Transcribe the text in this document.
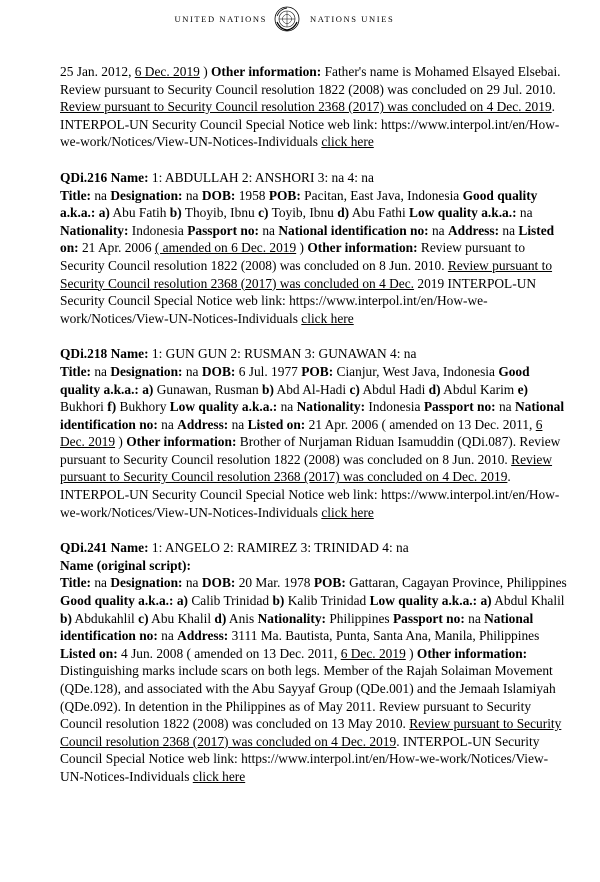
UNITED NATIONS	NATIONS UNIES

25 Jan. 2012, 6 Dec. 2019 ) Other information: Father's name is Mohamed Elsayed Elsebai. Review pursuant to Security Council resolution 1822 (2008) was concluded on 29 Jul. 2010. Review pursuant to Security Council resolution 2368 (2017) was concluded on 4 Dec. 2019. INTERPOL-UN Security Council Special Notice web link: https://www.interpol.int/en/How-we-work/Notices/View-UN-Notices-Individuals click here

QDi.216 Name: 1: ABDULLAH 2: ANSHORI 3: na 4: na
Title: na Designation: na DOB: 1958 POB: Pacitan, East Java, Indonesia Good quality a.k.a.: a) Abu Fatih b) Thoyib, Ibnu c) Toyib, Ibnu d) Abu Fathi Low quality a.k.a.: na Nationality: Indonesia Passport no: na National identification no: na Address: na Listed on: 21 Apr. 2006 ( amended on 6 Dec. 2019 ) Other information: Review pursuant to Security Council resolution 1822 (2008) was concluded on 8 Jun. 2010. Review pursuant to Security Council resolution 2368 (2017) was concluded on 4 Dec. 2019 INTERPOL-UN Security Council Special Notice web link: https://www.interpol.int/en/How-we-work/Notices/View-UN-Notices-Individuals click here

QDi.218 Name: 1: GUN GUN 2: RUSMAN 3: GUNAWAN 4: na
Title: na Designation: na DOB: 6 Jul. 1977 POB: Cianjur, West Java, Indonesia Good quality a.k.a.: a) Gunawan, Rusman b) Abd Al-Hadi c) Abdul Hadi d) Abdul Karim e) Bukhori f) Bukhory Low quality a.k.a.: na Nationality: Indonesia Passport no: na National identification no: na Address: na Listed on: 21 Apr. 2006 ( amended on 13 Dec. 2011, 6 Dec. 2019 ) Other information: Brother of Nurjaman Riduan Isamuddin (QDi.087). Review pursuant to Security Council resolution 1822 (2008) was concluded on 8 Jun. 2010. Review pursuant to Security Council resolution 2368 (2017) was concluded on 4 Dec. 2019. INTERPOL-UN Security Council Special Notice web link: https://www.interpol.int/en/How-we-work/Notices/View-UN-Notices-Individuals click here

QDi.241 Name: 1: ANGELO 2: RAMIREZ 3: TRINIDAD 4: na
Name (original script):
Title: na Designation: na DOB: 20 Mar. 1978 POB: Gattaran, Cagayan Province, Philippines Good quality a.k.a.: a) Calib Trinidad b) Kalib Trinidad Low quality a.k.a.: a) Abdul Khalil b) Abdukahlil c) Abu Khalil d) Anis Nationality: Philippines Passport no: na National identification no: na Address: 3111 Ma. Bautista, Punta, Santa Ana, Manila, Philippines Listed on: 4 Jun. 2008 ( amended on 13 Dec. 2011, 6 Dec. 2019 ) Other information: Distinguishing marks include scars on both legs. Member of the Rajah Solaiman Movement (QDe.128), and associated with the Abu Sayyaf Group (QDe.001) and the Jemaah Islamiyah (QDe.092). In detention in the Philippines as of May 2011. Review pursuant to Security Council resolution 1822 (2008) was concluded on 13 May 2010. Review pursuant to Security Council resolution 2368 (2017) was concluded on 4 Dec. 2019. INTERPOL-UN Security Council Special Notice web link: https://www.interpol.int/en/How-we-work/Notices/View-UN-Notices-Individuals click here
